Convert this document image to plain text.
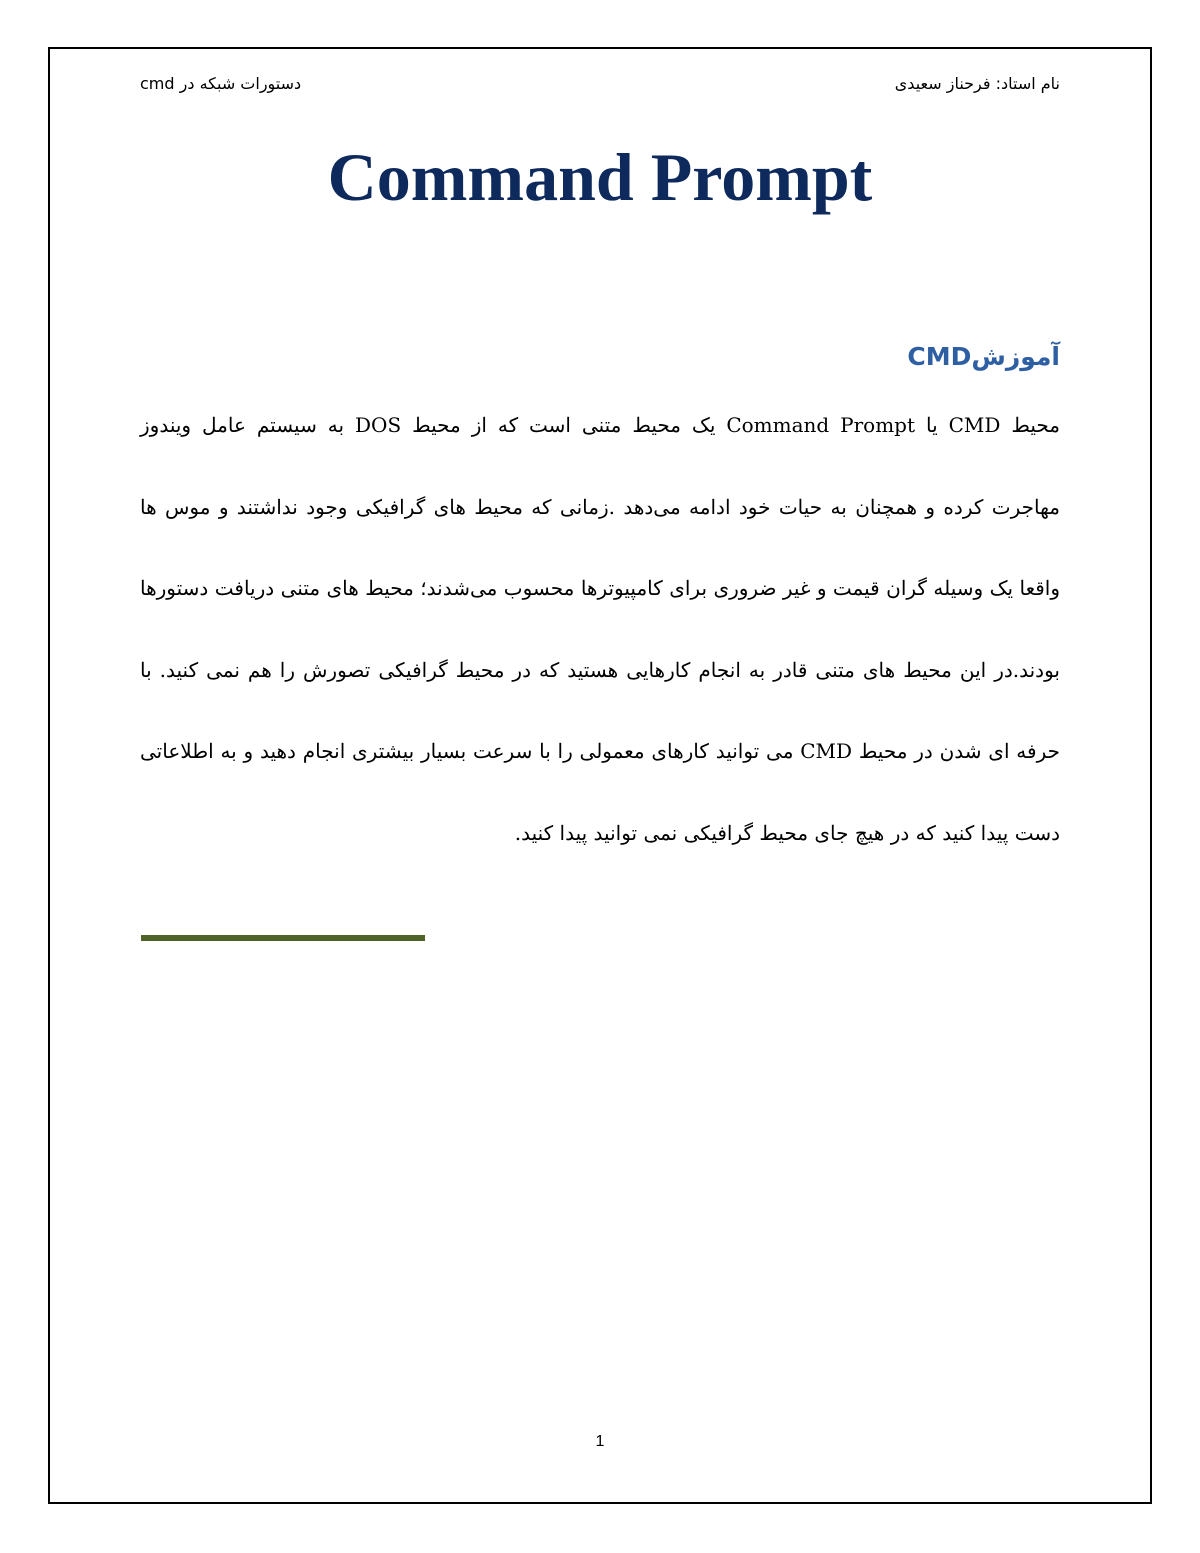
نام استاد: فرحناز سعیدی
دستورات شبکه در cmd
Command Prompt
آموزشCMD
محیط CMD یا Command Prompt یک محیط متنی است که از محیط DOS به سیستم عامل ویندوز مهاجرت کرده و همچنان به حیات خود ادامه می‌دهد .زمانی که محیط های گرافیکی وجود نداشتند و موس ها واقعا یک وسیله گران قیمت و غیر ضروری برای کامپیوترها محسوب می‌شدند؛ محیط های متنی دریافت دستورها بودند.در این محیط های متنی قادر به انجام کارهایی هستید که در محیط گرافیکی تصورش را هم نمی کنید. با حرفه ای شدن در محیط CMD می توانید کارهای معمولی را با سرعت بسیار بیشتری انجام دهید و به اطلاعاتی دست پیدا کنید که در هیچ جای محیط گرافیکی نمی توانید پیدا کنید.
1
